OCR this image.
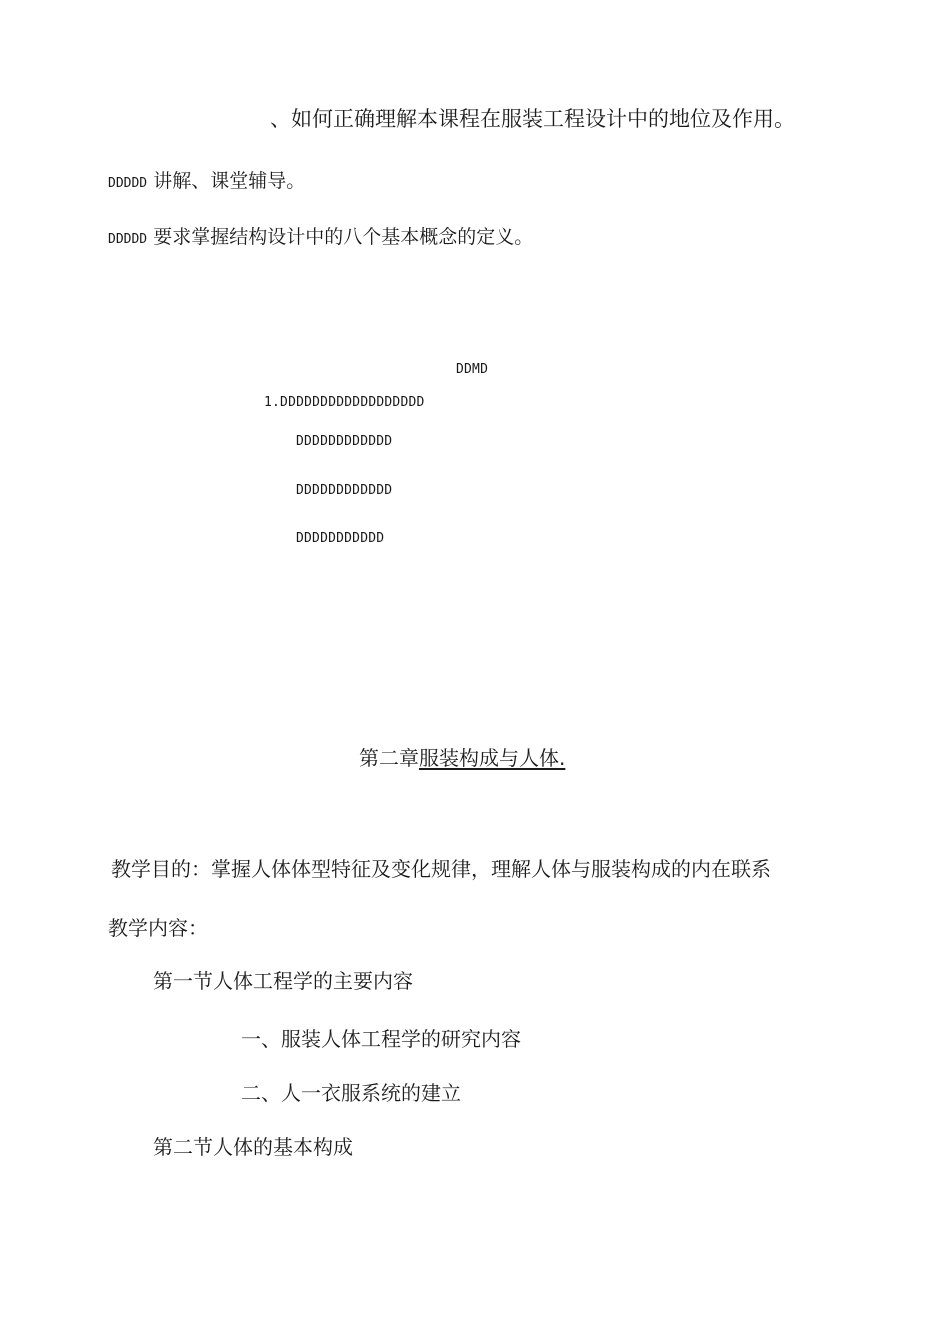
、如何正确理解本课程在服装工程设计中的地位及作用。
DDDDD 讲解、课堂辅导。
DDDDD 要求掌握结构设计中的八个基本概念的定义。
DDMD
1.DDDDDDDDDDDDDDDDDD
DDDDDDDDDDDD
DDDDDDDDDDDD
DDDDDDDDDDD
第二章服装构成与人体.
教学目的：掌握人体体型特征及变化规律，理解人体与服装构成的内在联系
教学内容：
第一节人体工程学的主要内容
一、服装人体工程学的研究内容
二、人一衣服系统的建立
第二节人体的基本构成
